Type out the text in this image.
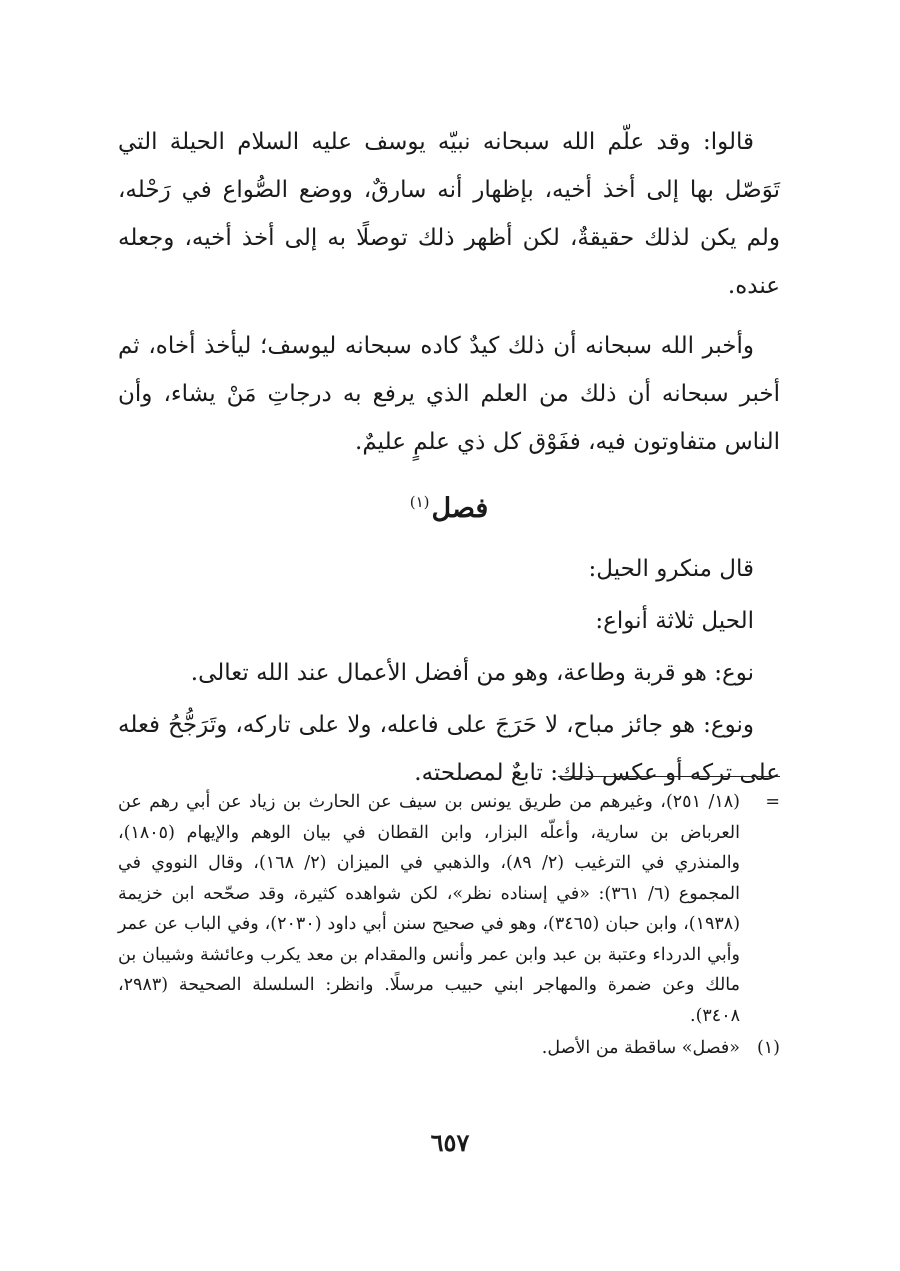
قالوا: وقد علّم الله سبحانه نبيّه يوسف عليه السلام الحيلة التي تَوَصّل بها إلى أخذ أخيه، بإظهار أنه سارقٌ، ووضع الصُّواع في رَحْله، ولم يكن لذلك حقيقةٌ، لكن أظهر ذلك توصلًا به إلى أخذ أخيه، وجعله عنده.

وأخبر الله سبحانه أن ذلك كيدٌ كاده سبحانه ليوسف؛ ليأخذ أخاه، ثم أخبر سبحانه أن ذلك من العلم الذي يرفع به درجاتِ مَنْ يشاء، وأن الناس متفاوتون فيه، ففَوْق كل ذي علمٍ عليمٌ.

فصل$^{(١)}$
قال منكرو الحيل:
الحيل ثلاثة أنواع:
نوع: هو قربة وطاعة، وهو من أفضل الأعمال عند الله تعالى.

ونوع: هو جائز مباح، لا حَرَجَ على فاعله، ولا على تاركه، وتَرَجُّحُ فعله على تركه أو عكس ذلك: تابعٌ لمصلحته.

=
(١٨/ ٢٥١)، وغيرهم من طريق يونس بن سيف عن الحارث بن زياد عن أبي رهم عن العرباض بن سارية، وأعلّه البزار، وابن القطان في بيان الوهم والإيهام (١٨٠٥)، والمنذري في الترغيب (٢/ ٨٩)، والذهبي في الميزان (٢/ ١٦٨)، وقال النووي في المجموع (٦/ ٣٦١): «في إسناده نظر»، لكن شواهده كثيرة، وقد صحّحه ابن خزيمة (١٩٣٨)، وابن حبان (٣٤٦٥)، وهو في صحيح سنن أبي داود (٢٠٣٠)، وفي الباب عن عمر وأبي الدرداء وعتبة بن عبد وابن عمر وأنس والمقدام بن معد يكرب وعائشة وشيبان بن مالك وعن ضمرة والمهاجر ابني حبيب مرسلًا. وانظر: السلسلة الصحيحة (٢٩٨٣، ٣٤٠٨).
(١)
«فصل» ساقطة من الأصل.
٦٥٧
